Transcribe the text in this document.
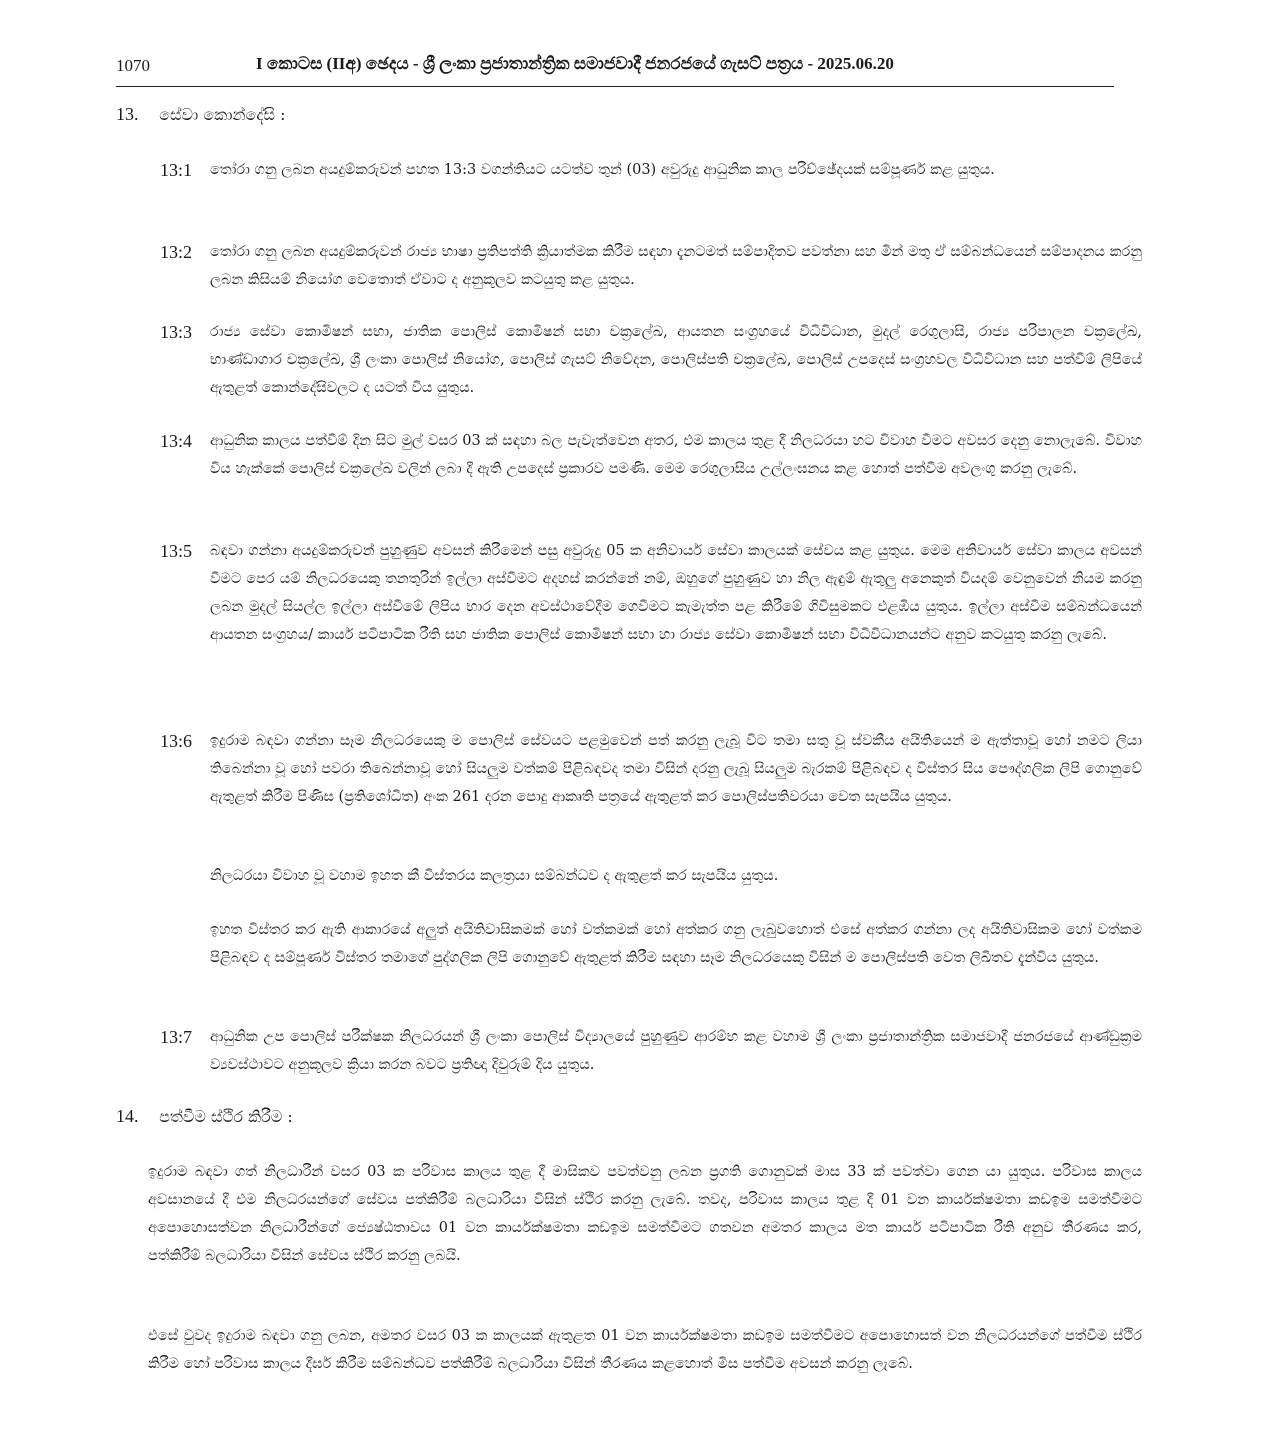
1070	I කොටස (IIඅ) ඡෙදය - ශ්‍රී ලංකා ප්‍රජාතාන්ත්‍රික සමාජවාදී ජනරජයේ ගැසට් පත්‍රය - 2025.06.20
13. සේවා කොන්දේසි :
13:1 තෝරා ගනු ලබන අයදුම්කරුවන් පහත 13:3 වගන්තියට යටත්ව තුන් (03) අවුරුදු ආධුනික කාල පරිච්ඡේදයක් සම්පූර්ණ කළ යුතුය.
13:2 තෝරා ගනු ලබන අයදුම්කරුවන් රාජ්‍ය භාෂා ප්‍රතිපත්ති ක්‍රියාත්මක කිරීම සඳහා දැනටමත් සම්පාදිතව පවත්නා සහ මින් මතු ඒ සම්බන්ධයෙන් සම්පාදනය කරනු ලබන කිසියම් නියෝග වෙතොත් ඒවාට ද අනුකූලව කටයුතු කළ යුතුය.
13:3 රාජ්‍ය සේවා කොමිෂන් සභා, ජාතික පොලිස් කොමිෂන් සභා චක්‍රලේඛ, ආයතන සංග්‍රහයේ විධිවිධාන, මුදල් රෙගුලාසි, රාජ්‍ය පරිපාලන චක්‍රලේඛ, භාණ්ඩාගාර චක්‍රලේඛ, ශ්‍රී ලංකා පොලිස් නියෝග, පොලිස් ගැසට් නිවේදන, පොලිස්පති චක්‍රලේඛ, පොලිස් උපදෙස් සංග්‍රහවල විධිවිධාන සහ පත්වීම් ලිපියේ ඇතුළත් කොන්දේසිවලට ද යටත් විය යුතුය.
13:4 ආධුනික කාලය පත්වීම් දින සිට මුල් වසර 03 ක් සඳහා බල පැවැත්වෙන අතර, එම කාලය තුළ දී නිලධරයා හට විවාහ වීමට අවසර දෙනු නොලැබේ. විවාහ විය හැක්කේ පොලිස් චක්‍රලේඛ වලින් ලබා දී ඇති උපදෙස් ප්‍රකාරව පමණි. මෙම රෙගුලාසිය උල්ලංඝනය කළ හොත් පත්වීම අවලංගු කරනු ලැබේ.
13:5 බඳවා ගන්නා අයදුම්කරුවන් පුහුණුව අවසන් කිරීමෙන් පසු අවුරුදු 05 ක අනිවාර්ය සේවා කාලයක් සේවය කළ යුතුය. මෙම අනිවාර්ය සේවා කාලය අවසන් වීමට පෙර යම් නිලධරයෙකු තනතුරින් ඉල්ලා අස්වීමට අදහස් කරන්නේ නම්, ඔහුගේ පුහුණුව හා නිල ඇඳුම් ඇතුලු අනෙකුත් වියදම් වෙනුවෙන් නියම කරනු ලබන මුදල් සියල්ල ඉල්ලා අස්වීමේ ලිපිය භාර දෙන අවස්ථාවේදීම ගෙවීමට කැමැත්ත පළ කිරීමේ ගිවිසුමකට එළඹිය යුතුය. ඉල්ලා අස්වීම සම්බන්ධයෙන් ආයතන සංග්‍රහය/ කාර්ය පටිපාටික රීති සහ ජාතික පොලිස් කොමිෂන් සභා හා රාජ්‍ය සේවා කොමිෂන් සභා විධිවිධානයන්ට අනුව කටයුතු කරනු ලැබේ.
13:6 ඉදුරාම බඳවා ගන්නා සෑම නිලධරයෙකු ම පොලිස් සේවයට පළමුවෙන් පත් කරනු ලැබූ විට තමා සතු වූ ස්වකීය අයිතියෙන් ම ඇත්තාවූ හෝ නමට ලියා තිබෙන්නා වූ හෝ පවරා තිබෙන්නාවූ හෝ සියලුම වත්කම් පිළිබඳවද තමා විසින් දරනු ලැබූ සියලුම බැරකම් පිළිබඳව ද විස්තර සිය පෞද්ගලික ලිපි ගොනුවේ ඇතුළත් කිරීම පිණිස (ප්‍රතිශෝධිත) අංක 261 දරන පොදු ආකෘති පත්‍රයේ ඇතුළත් කර පොලිස්පතිවරයා වෙත සැපයිය යුතුය.
නිලධරයා විවාහ වූ වහාම ඉහත කී විස්තරය කලත්‍රයා සම්බන්ධව ද ඇතුළත් කර සැපයිය යුතුය.
ඉහත විස්තර කර ඇති ආකාරයේ අලුත් අයිතිවාසිකමක් හෝ වත්කමක් හෝ අත්කර ගනු ලැබුවහොත් එසේ අත්කර ගන්නා ලද අයිතිවාසිකම හෝ වත්කම පිළිබඳව ද සම්පූර්ණ විස්තර තමාගේ පුද්ගලික ලිපි ගොනුවේ ඇතුළත් කිරීම සඳහා සෑම නිලධරයෙකු විසින් ම පොලිස්පති වෙත ලිඛිතව දැන්විය යුතුය.
13:7 ආධුනික උප පොලිස් පරීක්ෂක නිලධරයන් ශ්‍රී ලංකා පොලිස් විද්‍යාලයේ පුහුණුව ආරම්භ කළ වහාම ශ්‍රී ලංකා ප්‍රජාතාන්ත්‍රික සමාජවාදී ජනරජයේ ආණ්ඩුක්‍රම ව්‍යවස්ථාවට අනුකූලව ක්‍රියා කරන බවට ප්‍රතිඥා දිවුරුම් දිය යුතුය.
14. පත්වීම ස්ථිර කිරීම :
ඉදුරාම බඳවා ගත් නිලධාරීන් වසර 03 ක පරිවාස කාලය තුළ දී මාසිකව පවත්වනු ලබන ප්‍රගති ගොනුවක් මාස 33 ක් පවත්වා ගෙන යා යුතුය. පරිවාස කාලය අවසානයේ දී එම නිලධරයන්ගේ සේවය පත්කිරීම් බලධාරියා විසින් ස්ථිර කරනු ලැබේ. තවද, පරිවාස කාලය තුළ දී 01 වන කාර්යක්ෂමතා කඩඉම සමත්වීමට අපොහොසත්වන නිලධාරීන්ගේ ජ්‍යෙෂ්ඨතාවය 01 වන කාර්යක්ෂමතා කඩඉම සමත්වීමට ගතවන අමතර කාලය මත කාර්ය පටිපාටික රීති අනුව තීරණය කර, පත්කිරීම් බලධාරියා විසින් සේවය ස්ථිර කරනු ලබයි.
එසේ වුවද ඉදුරාම බඳවා ගනු ලබන, අමතර වසර 03 ක කාලයක් ඇතුළත 01 වන කාර්යක්ෂමතා කඩඉම සමත්වීමට අපොහොසත් වන නිලධරයන්ගේ පත්වීම ස්ථිර කිරීම හෝ පරිවාස කාලය දීර්ඝ කිරීම සම්බන්ධව පත්කිරීම් බලධාරියා විසින් තීරණය කළහොත් මිස පත්වීම අවසන් කරනු ලැබේ.
